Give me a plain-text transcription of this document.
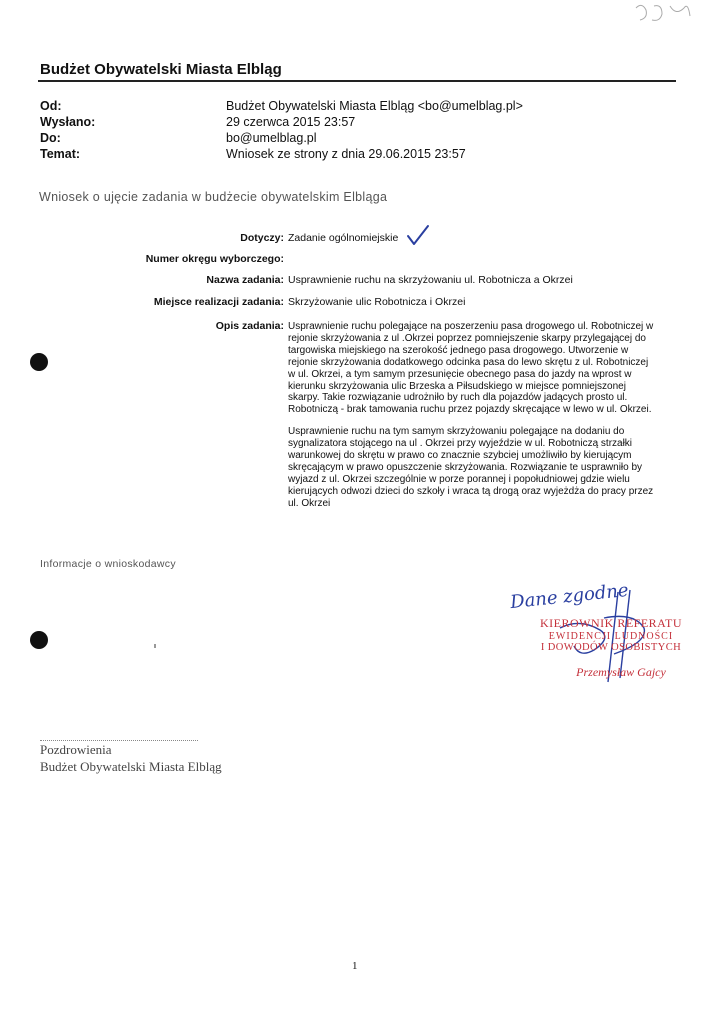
Budżet Obywatelski Miasta Elbląg
Od:	Budżet Obywatelski Miasta Elbląg <bo@umelblag.pl>
Wysłano:	29 czerwca 2015 23:57
Do:	bo@umelblag.pl
Temat:	Wniosek ze strony z dnia 29.06.2015 23:57
Wniosek o ujęcie zadania w budżecie obywatelskim Elbląga
Dotyczy: Zadanie ogólnomiejskie
Numer okręgu wyborczego:
Nazwa zadania: Usprawnienie ruchu na skrzyżowaniu ul. Robotnicza a Okrzei
Miejsce realizacji zadania: Skrzyżowanie ulic Robotnicza i Okrzei
Opis zadania: Usprawnienie ruchu polegające na poszerzeniu pasa drogowego ul. Robotniczej w rejonie skrzyżowania z ul .Okrzei poprzez pomniejszenie skarpy przylegającej do targowiska miejskiego na szerokość jednego pasa drogowego. Utworzenie w rejonie skrzyżowania dodatkowego odcinka pasa do lewo skrętu z ul. Robotniczej w ul. Okrzei, a tym samym przesunięcie obecnego pasa do jazdy na wprost w kierunku skrzyżowania ulic Brzeska a Piłsudskiego w miejsce pomniejszonej skarpy. Takie rozwiązanie udrożniło by ruch dla pojazdów jadących prosto ul. Robotniczą - brak tamowania ruchu przez pojazdy skręcające w lewo w ul. Okrzei.

Usprawnienie ruchu na tym samym skrzyżowaniu polegające na dodaniu do sygnalizatora stojącego na ul . Okrzei przy wyjeździe w ul. Robotniczą strzałki warunkowej do skrętu w prawo co znacznie szybciej umożliwiło by kierującym skręcającym w prawo opuszczenie skrzyżowania. Rozwiązanie te usprawniło by wyjazd z ul. Okrzei szczególnie w porze porannej i popołudniowej gdzie wielu kierujących odwozi dzieci do szkoły i wraca tą drogą oraz wyjeżdża do pracy przez ul. Okrzei

Informacje o wnioskodawcy
Dane zgodne
KIEROWNIK REFERATU
EWIDENCJI LUDNOŚCI
I DOWODÓW OSOBISTYCH
Przemysław Gajcy
Pozdrowienia
Budżet Obywatelski Miasta Elbląg
1
